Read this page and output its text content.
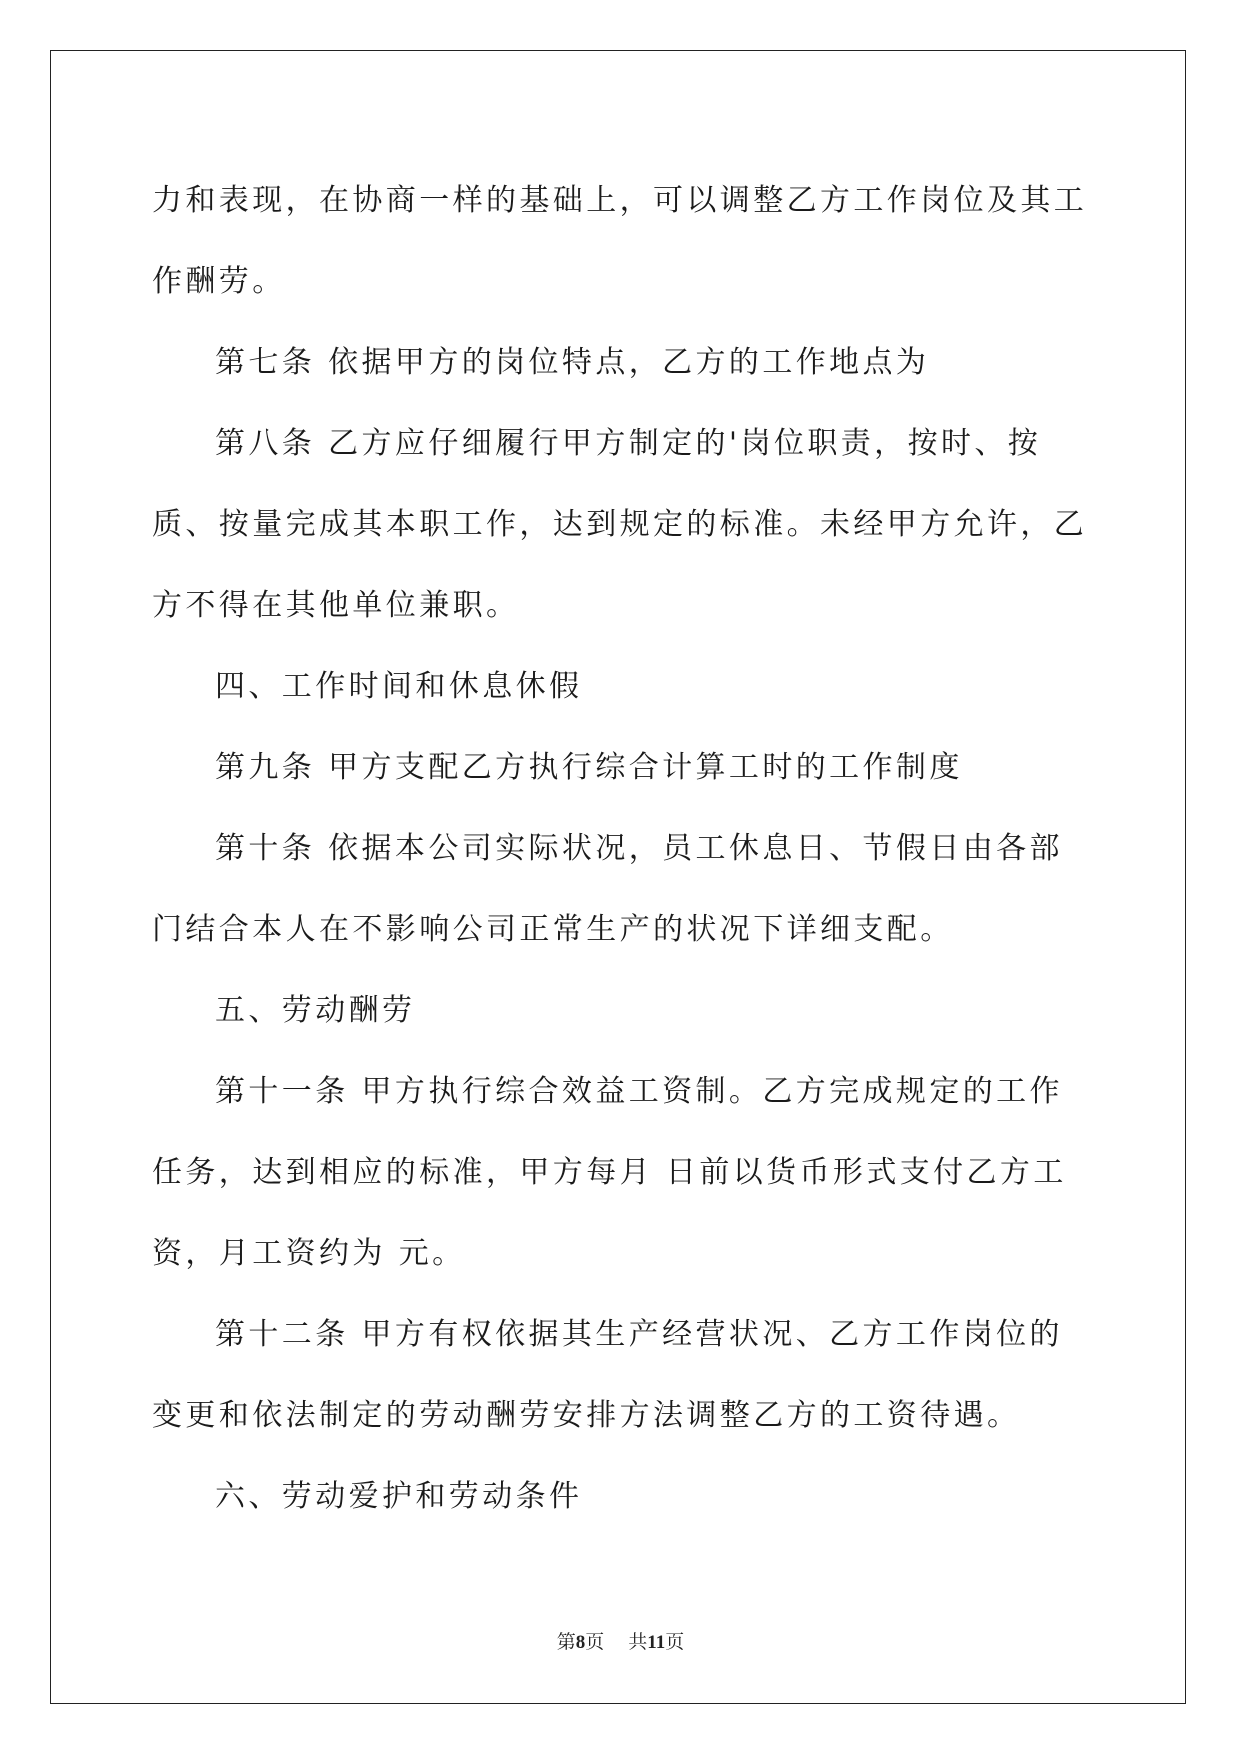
力和表现，在协商一样的基础上，可以调整乙方工作岗位及其工作酬劳。

第七条 依据甲方的岗位特点，乙方的工作地点为

第八条 乙方应仔细履行甲方制定的'岗位职责，按时、按质、按量完成其本职工作，达到规定的标准。未经甲方允许，乙方不得在其他单位兼职。

四、工作时间和休息休假

第九条 甲方支配乙方执行综合计算工时的工作制度

第十条 依据本公司实际状况，员工休息日、节假日由各部门结合本人在不影响公司正常生产的状况下详细支配。

五、劳动酬劳

第十一条 甲方执行综合效益工资制。乙方完成规定的工作任务，达到相应的标准，甲方每月 日前以货币形式支付乙方工资，月工资约为 元。

第十二条 甲方有权依据其生产经营状况、乙方工作岗位的变更和依法制定的劳动酬劳安排方法调整乙方的工资待遇。

六、劳动爱护和劳动条件

第8页 共11页
